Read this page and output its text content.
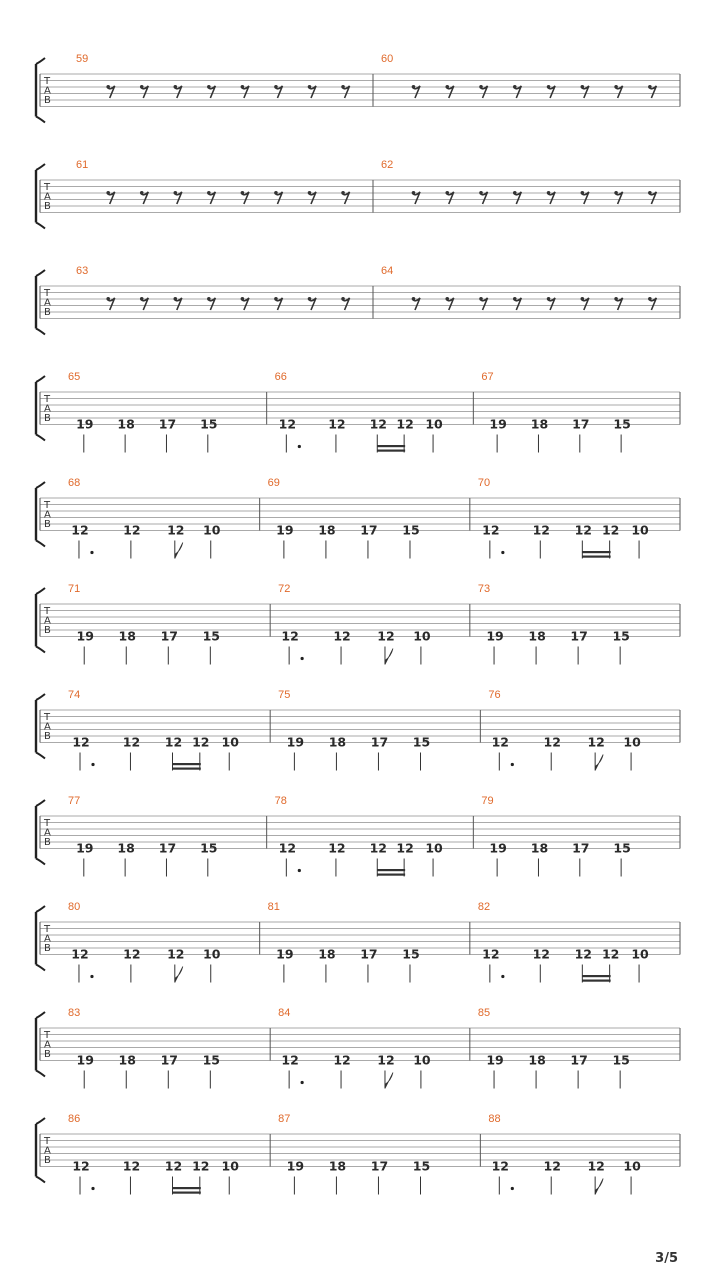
T
A
B
59	60
T
A
B
61	62
T
A
B
63	64
T
A
B
65
19 18 17 15
66
12	12 12 12 10
67
19 18 17 15
T
A
B
68
12	12 12 10
69
19 18 17 15
70
12	12 12 12 10
T
A
B
71
19 18 17 15
72
12	12 12 10
73
19 18 17 15
T
A
B
74
12	12 12 12 10
75
19 18 17 15
76
12	12 12 10
T
A
B
77
19 18 17 15
78
12	12 12 12 10
79
19 18 17 15
T
A
B
80
12	12 12 10
81
19 18 17 15
82
12	12 12 12 10
T
A
B
83
19 18 17 15
84
12	12 12 10
85
19 18 17 15
T
A
B
86
12	12 12 12 10
87
19 18 17 15
88
12	12 12 10
3/5
